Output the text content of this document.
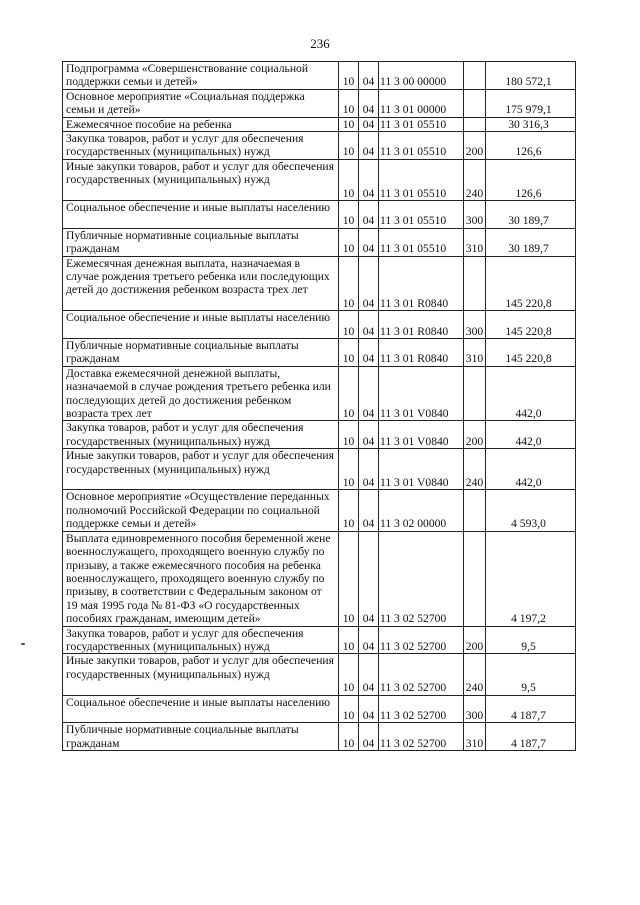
236
Подпрограмма «Совершенствование социальной поддержки семьи и детей»	10	04	11 3 00 00000		180 572,1
Основное мероприятие «Социальная поддержка семьи и детей»	10	04	11 3 01 00000		175 979,1
Ежемесячное пособие на ребенка	10	04	11 3 01 05510		30 316,3
Закупка товаров, работ и услуг для обеспечения государственных (муниципальных) нужд	10	04	11 3 01 05510	200	126,6
Иные закупки товаров, работ и услуг для обеспечения государственных (муниципальных) нужд	10	04	11 3 01 05510	240	126,6
Социальное обеспечение и иные выплаты населению	10	04	11 3 01 05510	300	30 189,7
Публичные нормативные социальные выплаты гражданам	10	04	11 3 01 05510	310	30 189,7
Ежемесячная денежная выплата, назначаемая в случае рождения третьего ребенка или последующих детей до достижения ребенком возраста трех лет	10	04	11 3 01 R0840		145 220,8
Социальное обеспечение и иные выплаты населению	10	04	11 3 01 R0840	300	145 220,8
Публичные нормативные социальные выплаты гражданам	10	04	11 3 01 R0840	310	145 220,8
Доставка ежемесячной денежной выплаты, назначаемой в случае рождения третьего ребенка или последующих детей до достижения ребенком возраста трех лет	10	04	11 3 01 V0840		442,0
Закупка товаров, работ и услуг для обеспечения государственных (муниципальных) нужд	10	04	11 3 01 V0840	200	442,0
Иные закупки товаров, работ и услуг для обеспечения государственных (муниципальных) нужд	10	04	11 3 01 V0840	240	442,0
Основное мероприятие «Осуществление переданных полномочий Российской Федерации по социальной поддержке семьи и детей»	10	04	11 3 02 00000		4 593,0
Выплата единовременного пособия беременной жене военнослужащего, проходящего военную службу по призыву, а также ежемесячного пособия на ребенка военнослужащего, проходящего военную службу по призыву, в соответствии с Федеральным законом от 19 мая 1995 года № 81-ФЗ «О государственных пособиях гражданам, имеющим детей»	10	04	11 3 02 52700		4 197,2
Закупка товаров, работ и услуг для обеспечения государственных (муниципальных) нужд	10	04	11 3 02 52700	200	9,5
Иные закупки товаров, работ и услуг для обеспечения государственных (муниципальных) нужд	10	04	11 3 02 52700	240	9,5
Социальное обеспечение и иные выплаты населению	10	04	11 3 02 52700	300	4 187,7
Публичные нормативные социальные выплаты гражданам	10	04	11 3 02 52700	310	4 187,7
